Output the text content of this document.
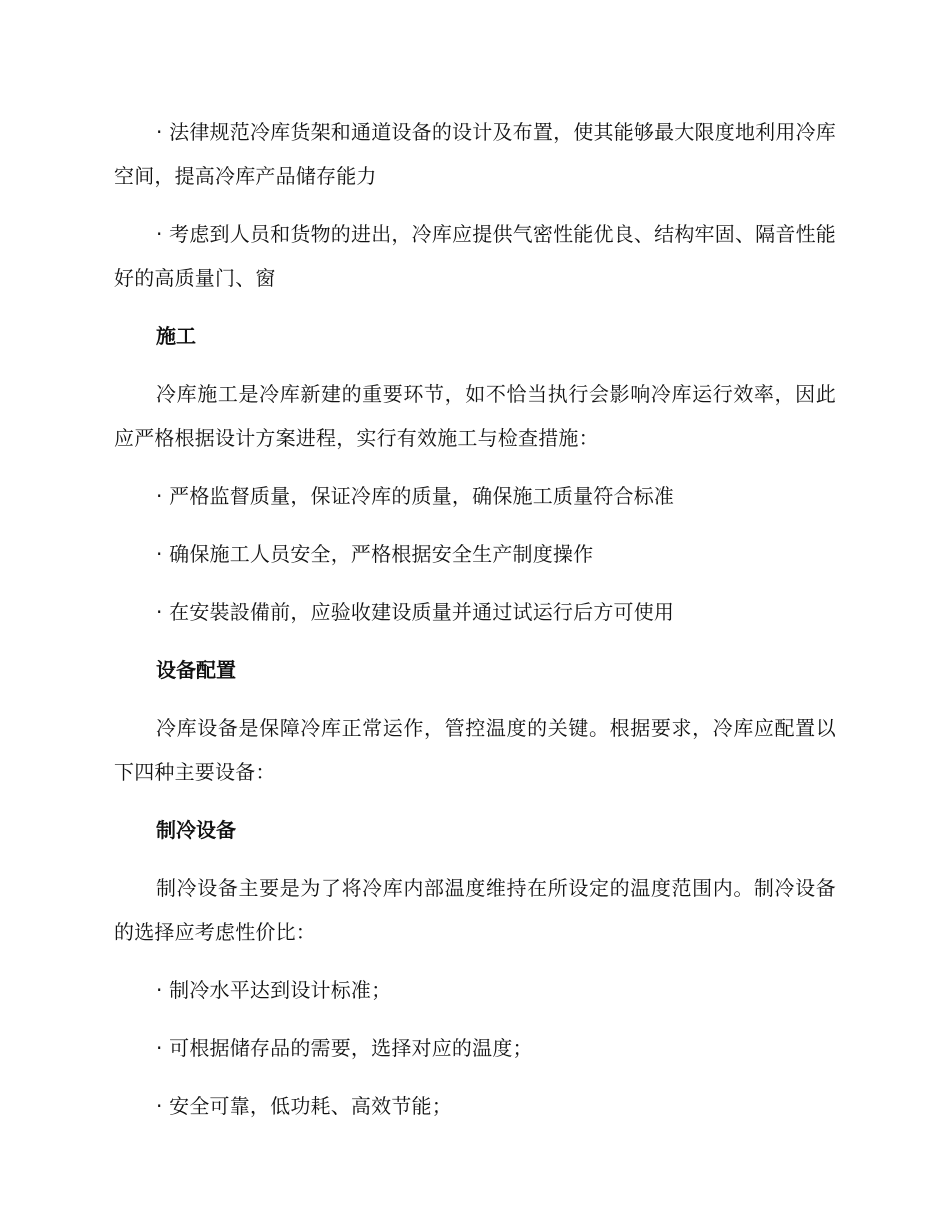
· 法律规范冷库货架和通道设备的设计及布置，使其能够最大限度地利用冷库空间，提高冷库产品储存能力

· 考虑到人员和货物的进出，冷库应提供气密性能优良、结构牢固、隔音性能好的高质量门、窗

施工

冷库施工是冷库新建的重要环节，如不恰当执行会影响冷库运行效率，因此应严格根据设计方案进程，实行有效施工与检查措施：

· 严格监督质量，保证冷库的质量，确保施工质量符合标准

· 确保施工人员安全，严格根据安全生产制度操作

· 在安裝設備前，应验收建设质量并通过试运行后方可使用

设备配置

冷库设备是保障冷库正常运作，管控温度的关键。根据要求，冷库应配置以下四种主要设备：

制冷设备

制冷设备主要是为了将冷库内部温度维持在所设定的温度范围内。制冷设备的选择应考虑性价比：

· 制冷水平达到设计标准；

· 可根据储存品的需要，选择对应的温度；

· 安全可靠，低功耗、高效节能；
